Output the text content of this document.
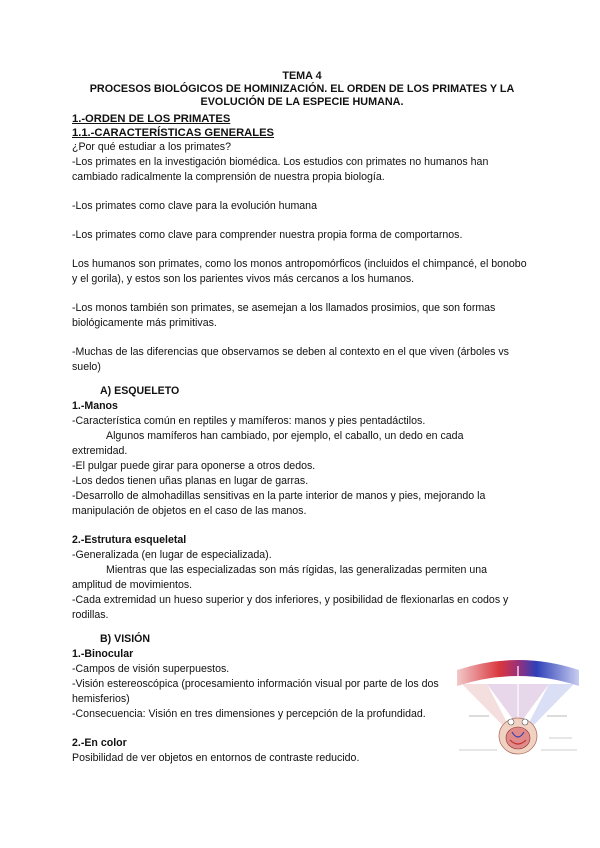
TEMA 4
PROCESOS BIOLÓGICOS DE HOMINIZACIÓN. EL ORDEN DE LOS PRIMATES Y LA
EVOLUCIÓN DE LA ESPECIE HUMANA.
1.-ORDEN DE LOS PRIMATES
1.1.-CARACTERÍSTICAS GENERALES

¿Por qué estudiar a los primates?

-Los primates en la investigación biomédica. Los estudios con primates no humanos han cambiado radicalmente la comprensión de nuestra propia biología.

-Los primates como clave para la evolución humana

-Los primates como clave para comprender nuestra propia forma de comportarnos.

Los humanos son primates, como los monos antropomórficos (incluidos el chimpancé, el bonobo y el gorila), y estos son los parientes vivos más cercanos a los humanos.

-Los monos también son primates, se asemejan a los llamados prosimios, que son formas biológicamente más primitivas.

-Muchas de las diferencias que observamos se deben al contexto en el que viven (árboles vs suelo)

A) ESQUELETO

1.-Manos

-Característica común en reptiles y mamíferos: manos y pies pentadáctilos.

Algunos mamíferos han cambiado, por ejemplo, el caballo, un dedo en cada

extremidad.

-El pulgar puede girar para oponerse a otros dedos.

-Los dedos tienen uñas planas en lugar de garras.

-Desarrollo de almohadillas sensitivas en la parte interior de manos y pies, mejorando la manipulación de objetos en el caso de las manos.

2.-Estrutura esqueletal

-Generalizada (en lugar de especializada).

Mientras que las especializadas son más rígidas, las generalizadas permiten una

amplitud de movimientos.

-Cada extremidad un hueso superior y dos inferiores, y posibilidad de flexionarlas en codos y rodillas.

B) VISIÓN

1.-Binocular

-Campos de visión superpuestos.

-Visión estereoscópica (procesamiento información visual por parte de los dos hemisferios)

-Consecuencia: Visión en tres dimensiones y percepción de la profundidad.

2.-En color

Posibilidad de ver objetos en entornos de contraste reducido.
